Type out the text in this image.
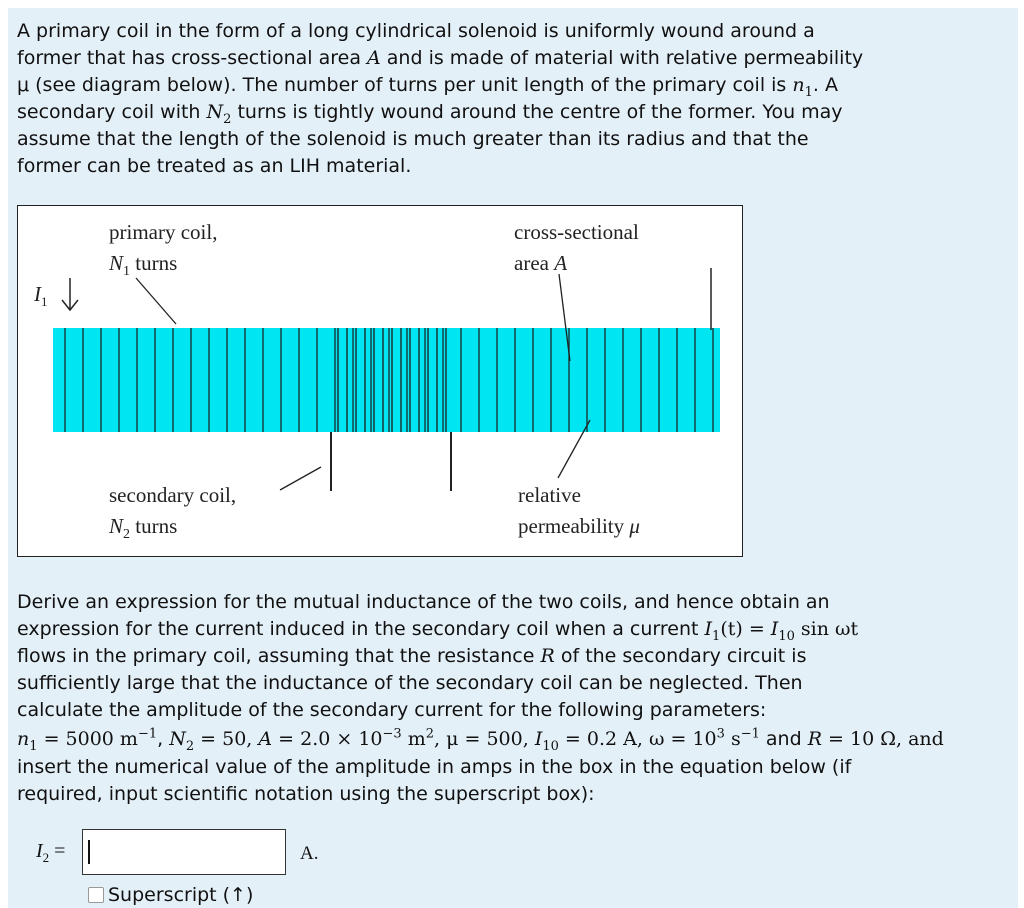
A primary coil in the form of a long cylindrical solenoid is uniformly wound around a

former that has cross-sectional area A and is made of material with relative permeability

μ (see diagram below). The number of turns per unit length of the primary coil is $n_1$. A

secondary coil with $N_2$ turns is tightly wound around the centre of the former. You may

assume that the length of the solenoid is much greater than its radius and that the

former can be treated as an LIH material.

primary coil,
$N_1$ turns
cross-sectional
area A
$I_1$
secondary coil,
$N_2$ turns
relative
permeability μ

Derive an expression for the mutual inductance of the two coils, and hence obtain an

expression for the current induced in the secondary coil when a current $I_1(t) = I_{10}$ sin ωt

flows in the primary coil, assuming that the resistance R of the secondary circuit is

sufficiently large that the inductance of the secondary coil can be neglected. Then

calculate the amplitude of the secondary current for the following parameters:

$n_1 = 5000$ $m^{-1}$, $N_2 = 50$, $A = 2.0 \times 10^{-3}$ $m^2$, μ = 500, $I_{10} = 0.2$ A, $\omega = 10^3$ $s^{-1}$ and R = 10 Ω, and

insert the numerical value of the amplitude in amps in the box in the equation below (if

required, input scientific notation using the superscript box):

$I_2$ =	A.
Superscript (↑)
